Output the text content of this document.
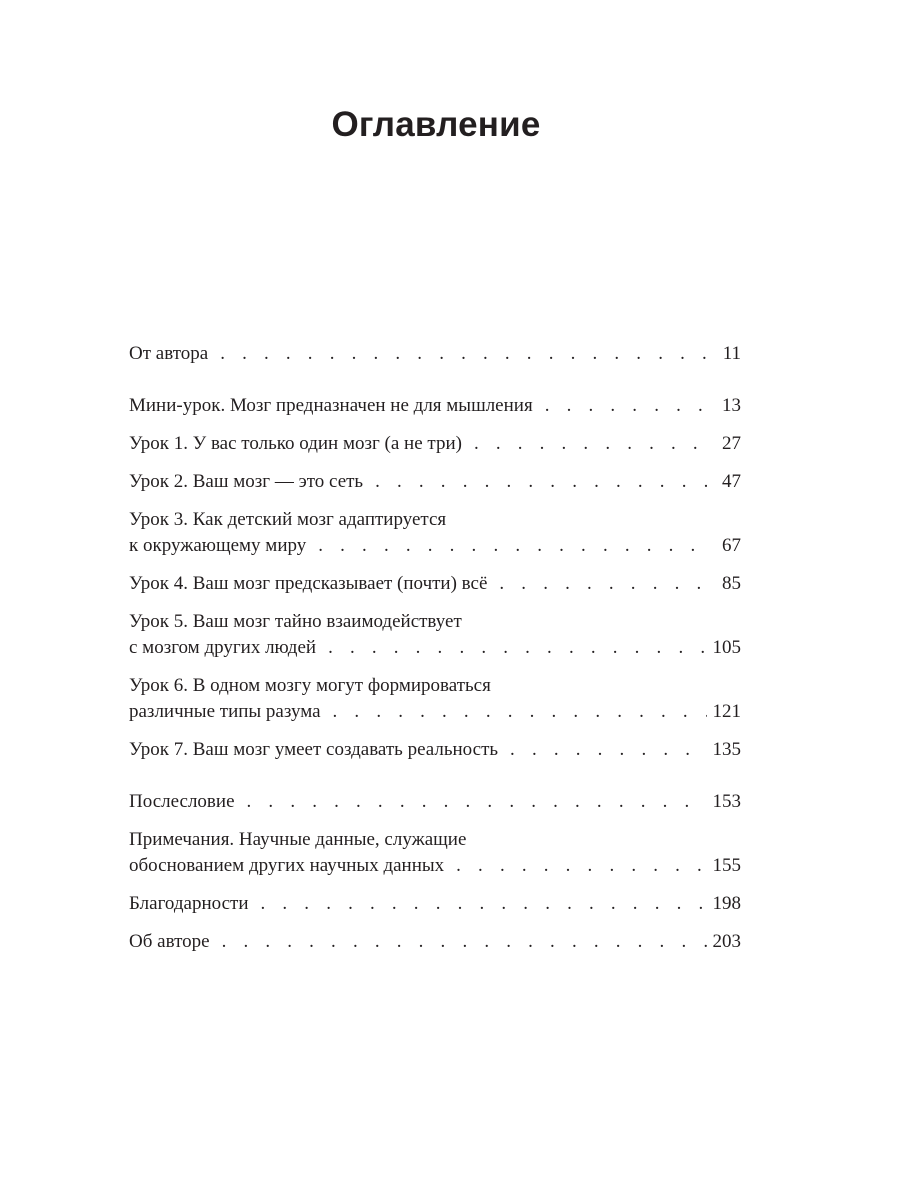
Оглавление
От автора . . .	11
Мини-урок. Мозг предназначен не для мышления . . .	13
Урок 1. У вас только один мозг (а не три) . . .	27
Урок 2. Ваш мозг — это сеть . . .	47
Урок 3. Как детский мозг адаптируется
к окружающему миру . . .	67
Урок 4. Ваш мозг предсказывает (почти) всё . . .	85
Урок 5. Ваш мозг тайно взаимодействует
с мозгом других людей . . .	105
Урок 6. В одном мозгу могут формироваться
различные типы разума . . .	121
Урок 7. Ваш мозг умеет создавать реальность . . .	135
Послесловие . . .	153
Примечания. Научные данные, служащие
обоснованием других научных данных . . .	155
Благодарности . . .	198
Об авторе . . .	203
